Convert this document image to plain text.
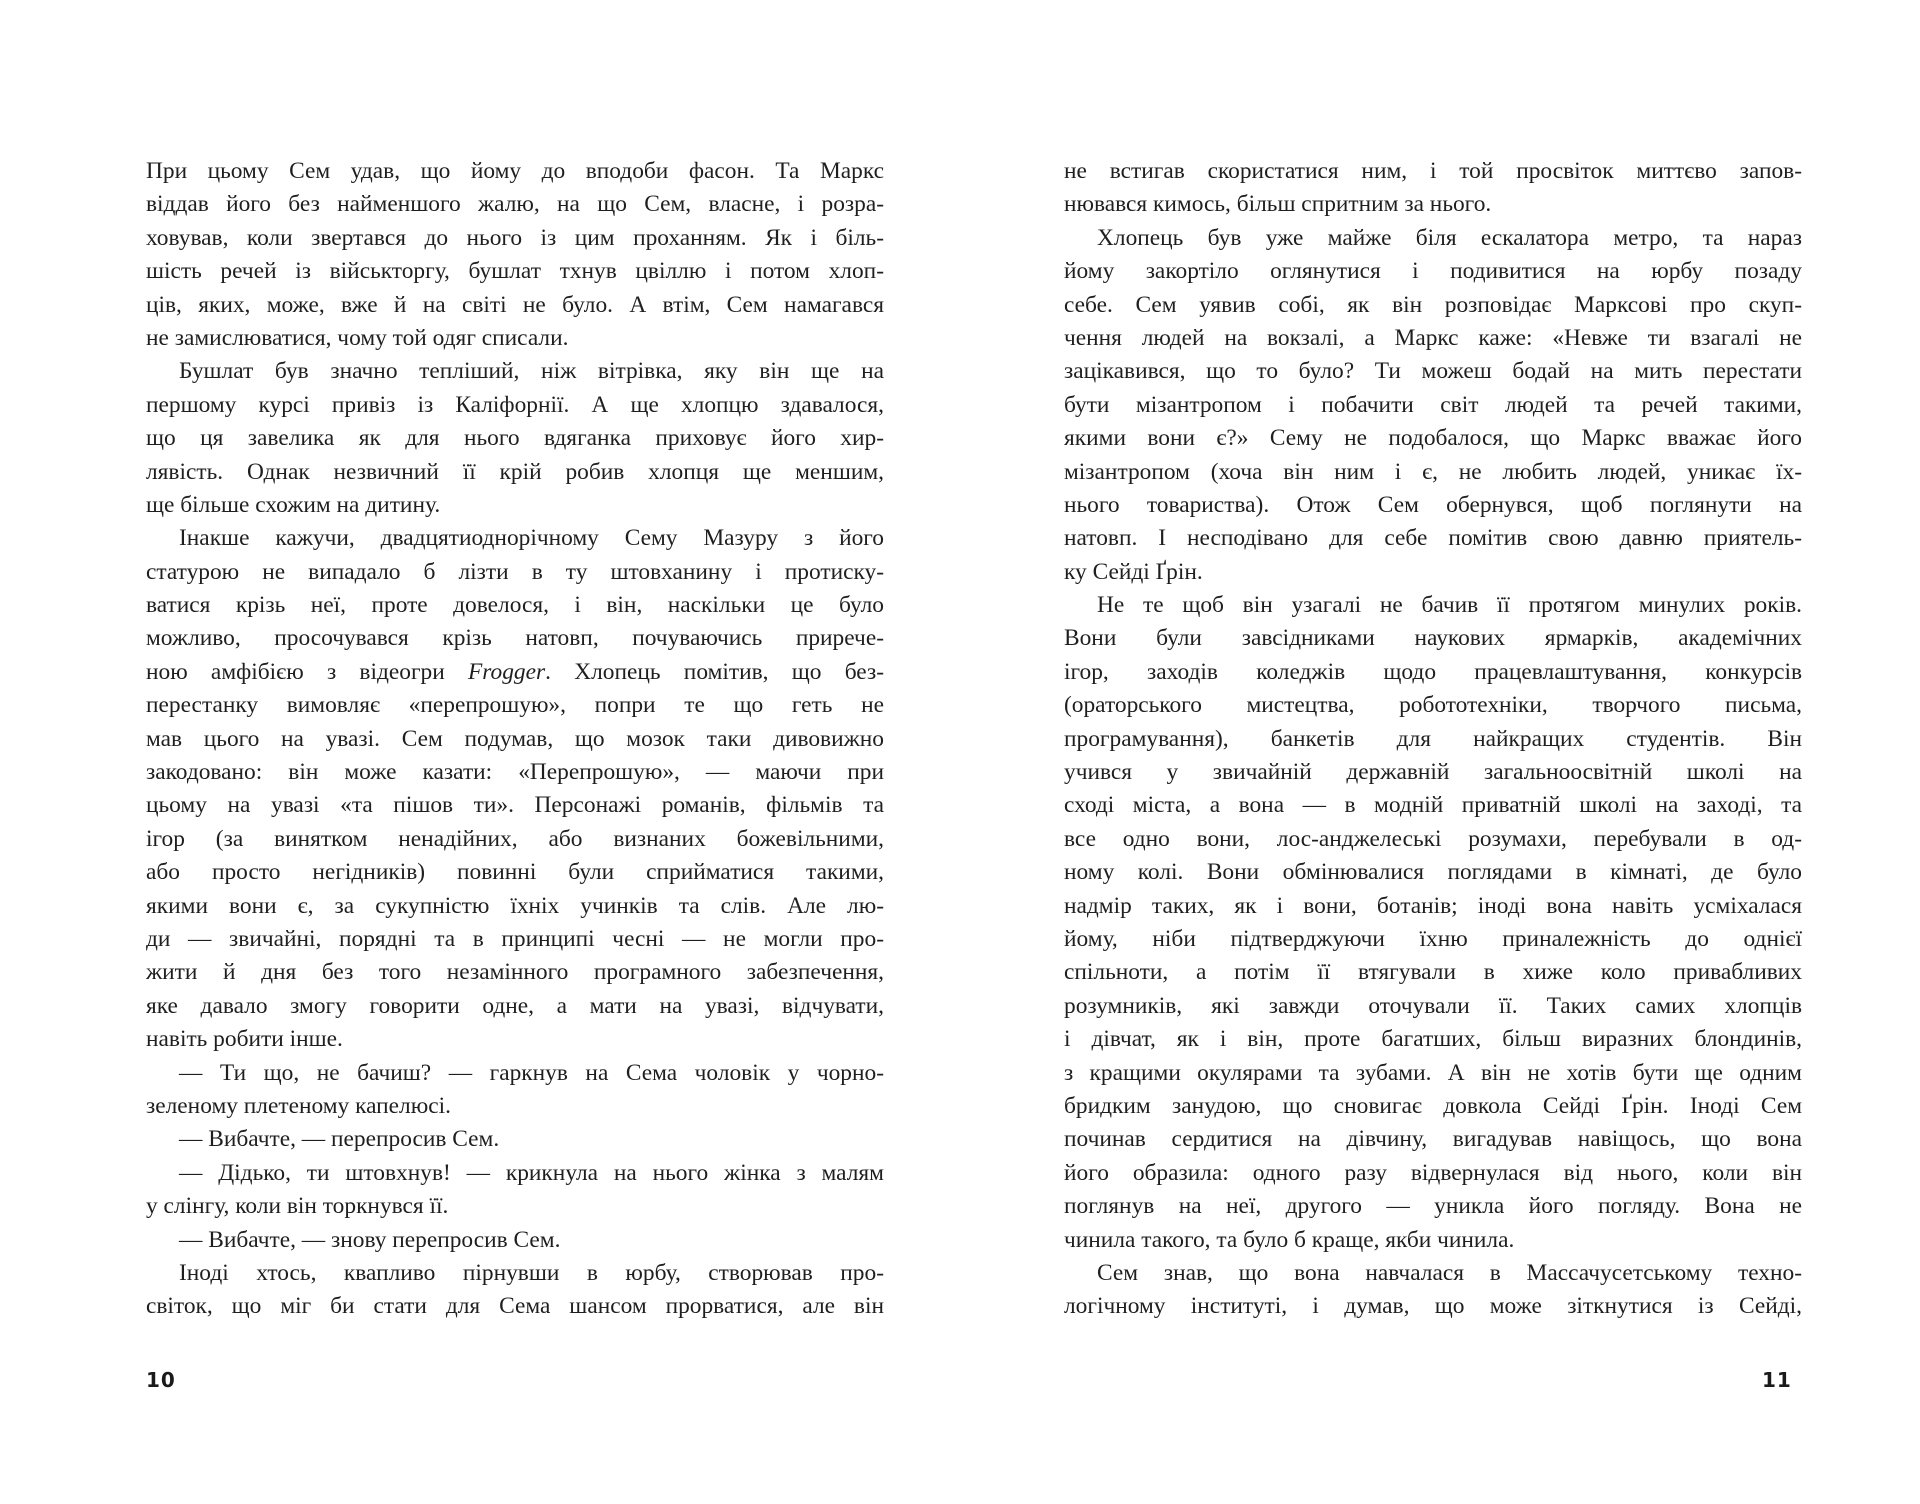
При цьому Сем удав, що йому до вподоби фасон. Та Маркс
віддав його без найменшого жалю, на що Сем, власне, і розра-
ховував, коли звертався до нього із цим проханням. Як і біль-
шість речей із військторгу, бушлат тхнув цвіллю і потом хлоп-
ців, яких, може, вже й на світі не було. А втім, Сем намагався
не замислюватися, чому той одяг списали.
Бушлат був значно тепліший, ніж вітрівка, яку він ще на
першому курсі привіз із Каліфорнії. А ще хлопцю здавалося,
що ця завелика як для нього вдяганка приховує його хир-
лявість. Однак незвичний її крій робив хлопця ще меншим,
ще більше схожим на дитину.
Інакше кажучи, двадцятиоднорічному Сему Мазуру з його
статурою не випадало б лізти в ту штовханину і протиску-
ватися крізь неї, проте довелося, і він, наскільки це було
можливо, просочувався крізь натовп, почуваючись приречe-
ною амфібією з відеогри Frogger. Хлопець помітив, що без-
перестанку вимовляє «перепрошую», попри те що геть не
мав цього на увазі. Сем подумав, що мозок таки дивовижно
закодовано: він може казати: «Перепрошую», — маючи при
цьому на увазі «та пішов ти». Персонажі романів, фільмів та
ігор (за винятком ненадійних, або визнаних божевільними,
або просто негідників) повинні були сприйматися такими,
якими вони є, за сукупністю їхніх учинків та слів. Але лю-
ди — звичайні, порядні та в принципі чесні — не могли про-
жити й дня без того незамінного програмного забезпечення,
яке давало змогу говорити одне, а мати на увазі, відчувати,
навіть робити інше.
— Ти що, не бачиш? — гаркнув на Сема чоловік у чорно-
зеленому плетеному капелюсі.
— Вибачте, — перепросив Сем.
— Дідько, ти штовхнув! — крикнула на нього жінка з малям
у слінгу, коли він торкнувся її.
— Вибачте, — знову перепросив Сем.
Іноді хтось, квапливо пірнувши в юрбу, створював про-
світок, що міг би стати для Сема шансом прорватися, але він
не встигав скористатися ним, і той просвіток миттєво запов-
нювався кимось, більш спритним за нього.
Хлопець був уже майже біля ескалатора метро, та нараз
йому закортіло оглянутися і подивитися на юрбу позаду
себе. Сем уявив собі, як він розповідає Марксові про скуп-
чення людей на вокзалі, а Маркс каже: «Невже ти взагалі не
зацікавився, що то було? Ти можеш бодай на мить перестати
бути мізантропом і побачити світ людей та речей такими,
якими вони є?» Сему не подобалося, що Маркс вважає його
мізантропом (хоча він ним і є, не любить людей, уникає їх-
нього товариства). Отож Сем обернувся, щоб поглянути на
натовп. І несподівано для себе помітив свою давню приятель-
ку Сейді Ґрін.
Не те щоб він узагалі не бачив її протягом минулих років.
Вони були завсідниками наукових ярмарків, академічних
ігор, заходів коледжів щодо працевлаштування, конкурсів
(ораторського мистецтва, робототехніки, творчого письма,
програмування), банкетів для найкращих студентів. Він
учився у звичайній державній загальноосвітній школі на
сході міста, а вона — в модній приватній школі на заході, та
все одно вони, лос-анджелеські розумахи, перебували в од-
ному колі. Вони обмінювалися поглядами в кімнаті, де було
надмір таких, як і вони, ботанів; іноді вона навіть усміхалася
йому, ніби підтверджуючи їхню приналежність до однієї
спільноти, а потім її втягували в хиже коло привабливих
розумників, які завжди оточували її. Таких самих хлопців
і дівчат, як і він, проте багатших, більш виразних блондинів,
з кращими окулярами та зубами. А він не хотів бути ще одним
бридким занудою, що сновигає довкола Сейді Ґрін. Іноді Сем
починав сердитися на дівчину, вигадував навіщось, що вона
його образила: одного разу відвернулася від нього, коли він
поглянув на неї, другого — уникла його погляду. Вона не
чинила такого, та було б краще, якби чинила.
Сем знав, що вона навчалася в Массачусетському техно-
логічному інституті, і думав, що може зіткнутися із Сейді,
10	11
